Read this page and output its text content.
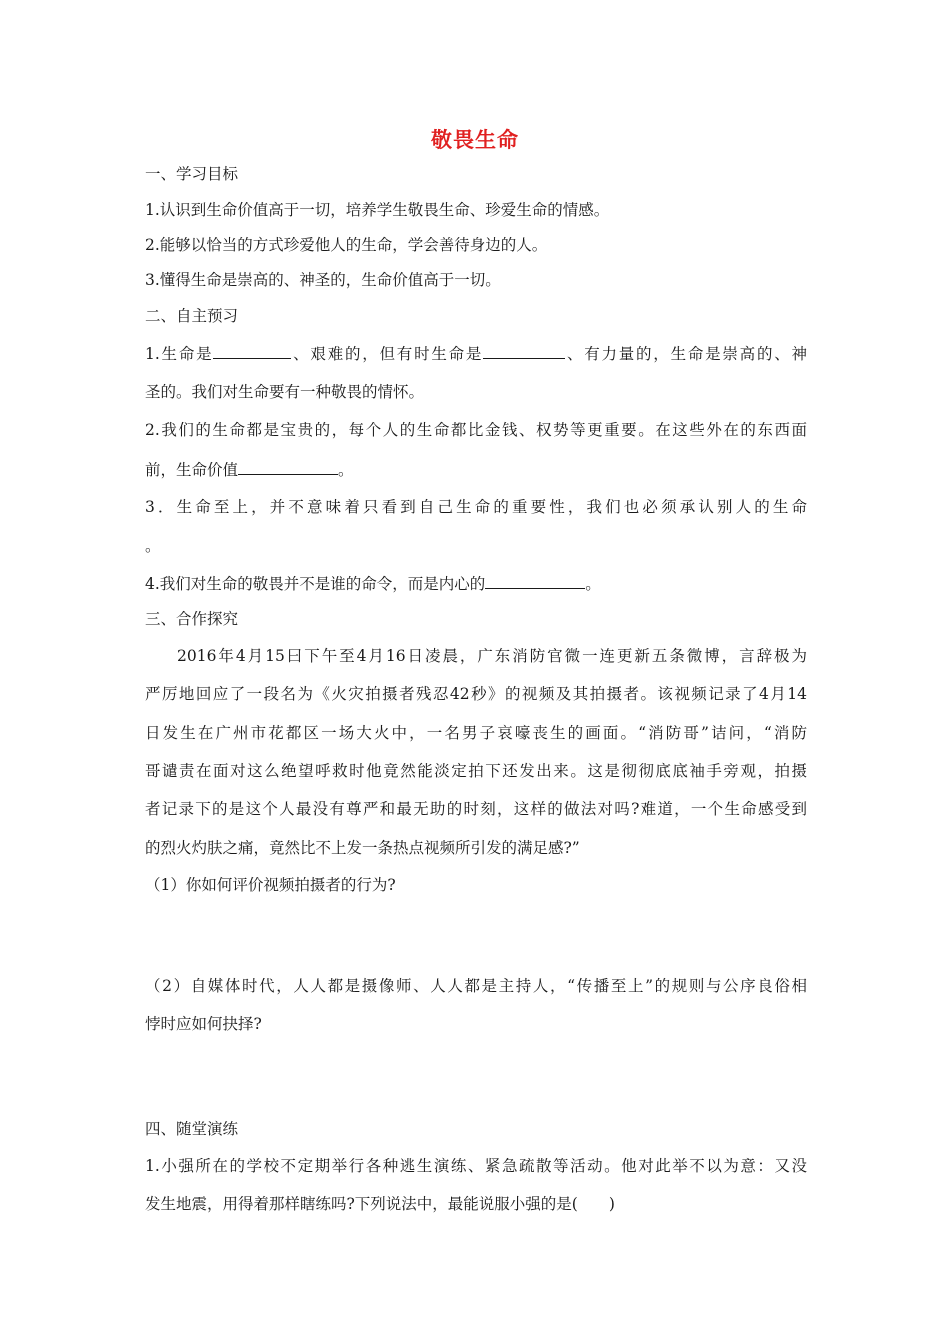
敬畏生命
一、学习目标
1.认识到生命价值高于一切，培养学生敬畏生命、珍爱生命的情感。
2.能够以恰当的方式珍爱他人的生命，学会善待身边的人。
3.懂得生命是崇高的、神圣的，生命价值高于一切。
二、自主预习
1.生命是	、艰难的，但有时生命是	、有力量的，生命是崇高的、神
圣的。我们对生命要有一种敬畏的情怀。
2.我们的生命都是宝贵的，每个人的生命都比金钱、权势等更重要。在这些外在的东西面
前，生命价值	。
3．生命至上，并不意味着只看到自己生命的重要性，我们也必须承认别人的生命
。
4.我们对生命的敬畏并不是谁的命令，而是内心的	。
三、合作探究
2016年4月15曰下午至4月16日凌晨，广东消防官微一连更新五条微博，言辞极为
严厉地回应了一段名为《火灾拍摄者残忍42秒》的视频及其拍摄者。该视频记录了4月14
日发生在广州市花都区一场大火中，一名男子哀嚎丧生的画面。“消防哥”诘问，“消防
哥谴责在面对这么绝望呼救时他竟然能淡定拍下还发出来。这是彻彻底底袖手旁观，拍摄
者记录下的是这个人最没有尊严和最无助的时刻，这样的做法对吗?难道，一个生命感受到
的烈火灼肤之痛，竟然比不上发一条热点视频所引发的满足感?”
（1）你如何评价视频拍摄者的行为?
（2）自媒体时代，人人都是摄像师、人人都是主持人，“传播至上”的规则与公序良俗相
悖时应如何抉择?
四、随堂演练
1.小强所在的学校不定期举行各种逃生演练、紧急疏散等活动。他对此举不以为意：又没
发生地震，用得着那样瞎练吗?下列说法中，最能说服小强的是(　　)
